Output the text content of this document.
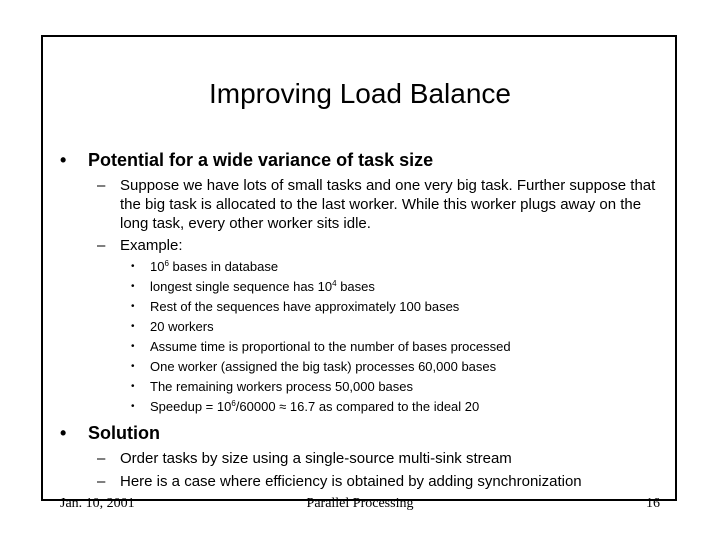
Improving Load Balance
• Potential for a wide variance of task size
– Suppose we have lots of small tasks and one very big task. Further suppose that the big task is allocated to the last worker. While this worker plugs away on the long task, every other worker sits idle.
– Example:
• $10^6$ bases in database
• longest single sequence has $10^4$ bases
• Rest of the sequences have approximately 100 bases
• 20 workers
• Assume time is proportional to the number of bases processed
• One worker (assigned the big task) processes 60,000 bases
• The remaining workers process 50,000 bases
• Speedup = $10^6/60000 \approx 16.7$ as compared to the ideal 20
• Solution
– Order tasks by size using a single-source multi-sink stream
– Here is a case where efficiency is obtained by adding synchronization
Jan. 10, 2001	Parallel Processing	16
